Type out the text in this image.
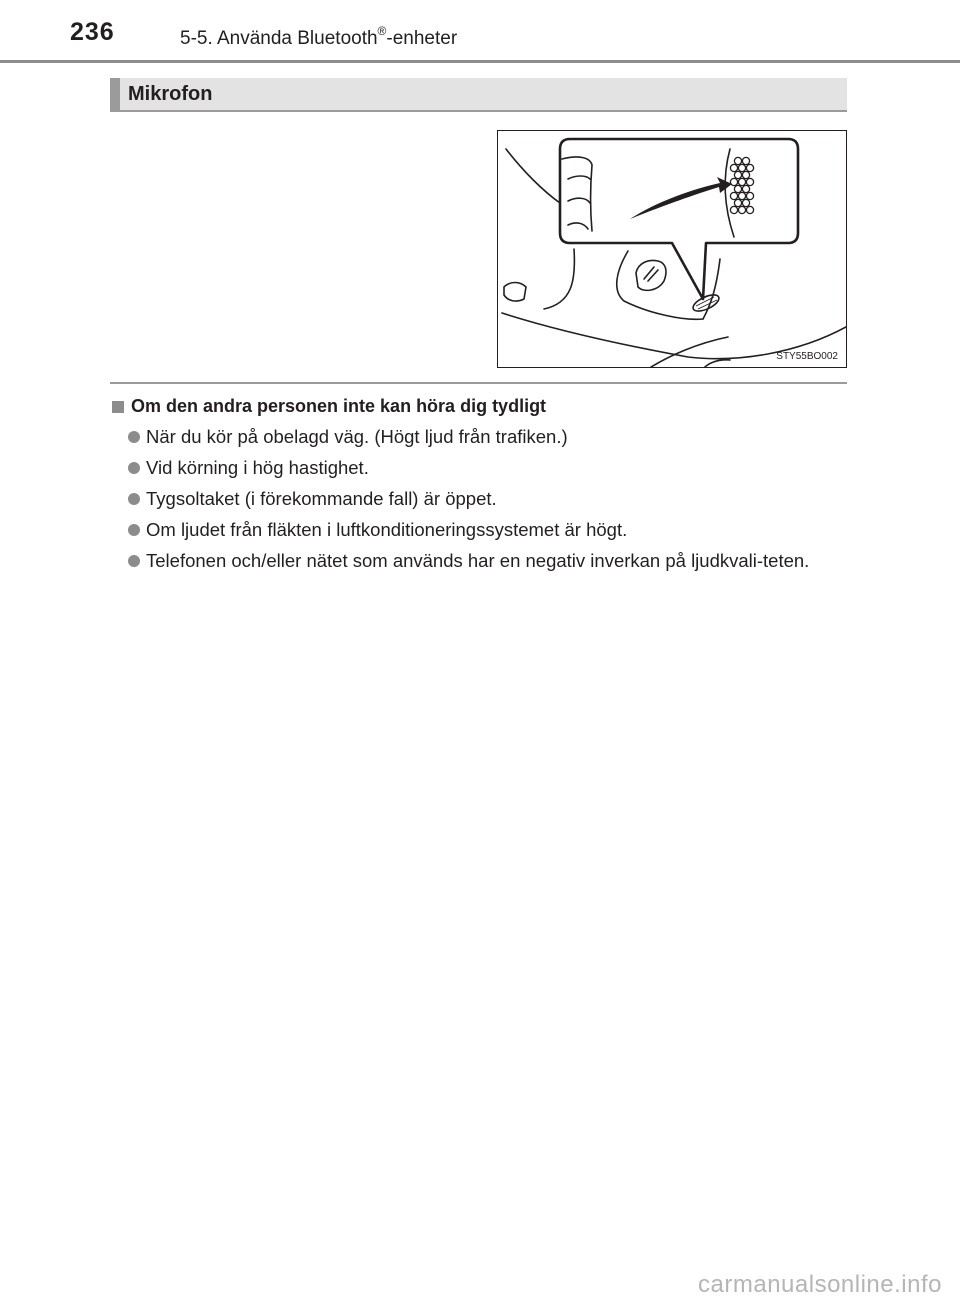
236	5-5. Använda Bluetooth®-enheter
Mikrofon
STY55BO002
Om den andra personen inte kan höra dig tydligt
När du kör på obelagd väg. (Högt ljud från trafiken.)
Vid körning i hög hastighet.
Tygsoltaket (i förekommande fall) är öppet.
Om ljudet från fläkten i luftkonditioneringssystemet är högt.
Telefonen och/eller nätet som används har en negativ inverkan på ljudkvali-teten.
carmanualsonline.info
